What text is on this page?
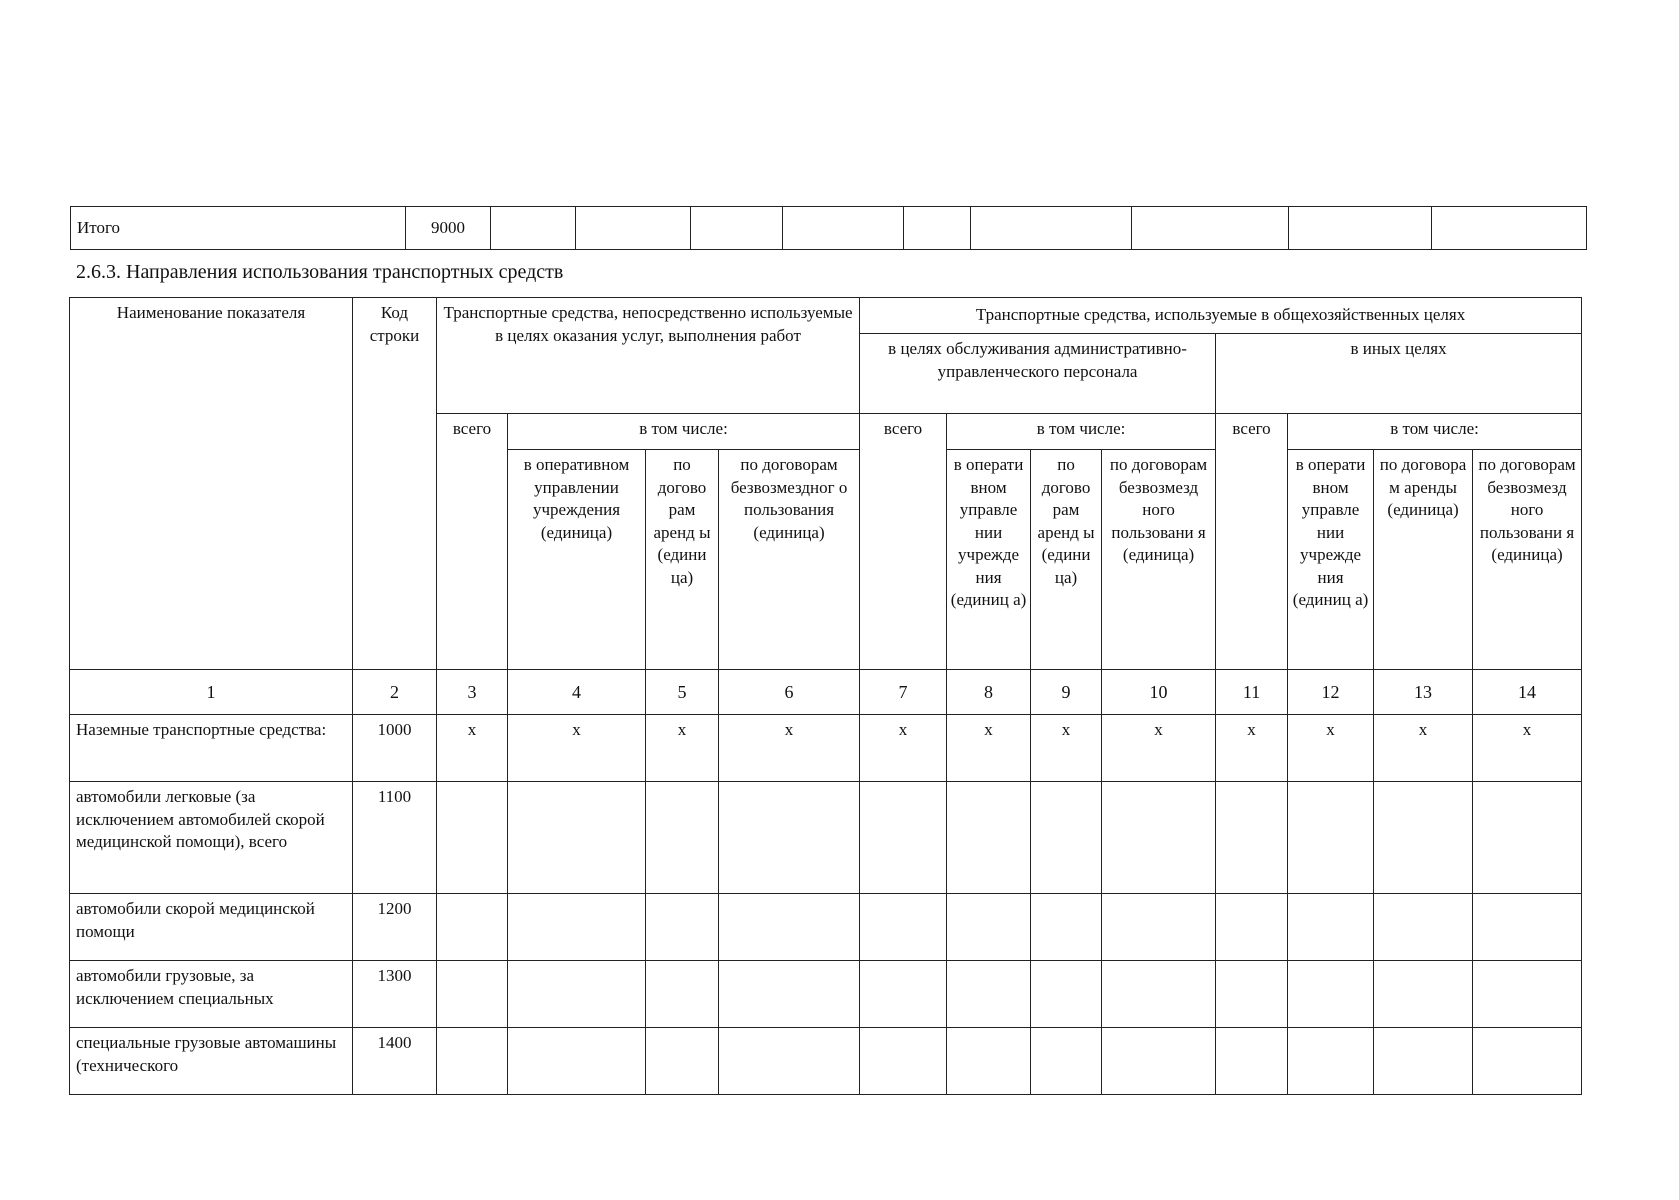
Итого	9000									
2.6.3. Направления использования транспортных средств
Наименование показателя	Код строки	Транспортные средства, непосредственно используемые в целях оказания услуг, выполнения работ				Транспортные средства, используемые в общехозяйственных целях							
						в целях обслуживания административно-управленческого персонала				в иных целях			
		всего	в том числе:			всего	в том числе:			всего	в том числе:		
			в оперативном управлении учреждения (единица)	по догово рам аренд ы (едини ца)	по договорам безвозмездног о пользования (единица)		в операти вном управле нии учрежде ния (единиц а)	по догово рам аренд ы (едини ца)	по договорам безвозмезд ного пользовани я (единица)		в операти вном управле нии учрежде ния (единиц а)	по договора м аренды (единица)	по договорам безвозмезд ного пользовани я (единица)
1	2	3	4	5	6	7	8	9	10	11	12	13	14
Наземные транспортные средства:	1000	x	x	x	x	x	x	x	x	x	x	x	x
автомобили легковые (за исключением автомобилей скорой медицинской помощи), всего	1100												
автомобили скорой медицинской помощи	1200												
автомобили грузовые, за исключением специальных	1300												
специальные грузовые автомашины (технического	1400												
